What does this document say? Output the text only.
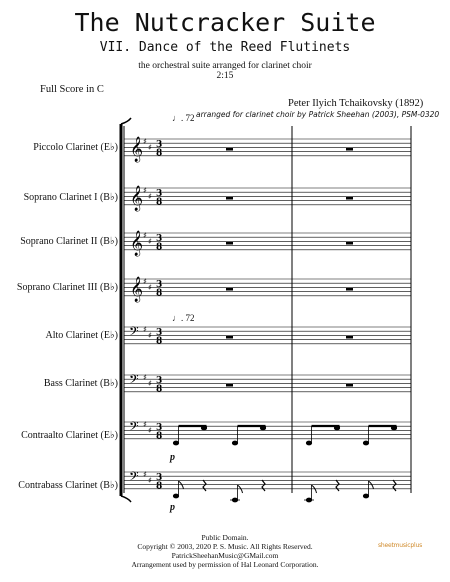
The Nutcracker Suite
VII. Dance of the Reed Flutinets
the orchestral suite arranged for clarinet choir
2:15
Full Score in C
Peter Ilyich Tchaikovsky (1892)
arranged for clarinet choir by Patrick Sheehan (2003), PSM-0320
♩. 72
♩. 72
Piccolo Clarinet (E♭)
Soprano Clarinet I (B♭)
Soprano Clarinet II (B♭)
Soprano Clarinet III (B♭)
Alto Clarinet (E♭)
Bass Clarinet (B♭)
Contraalto Clarinet (E♭)
Contrabass Clarinet (B♭)
𝄞 ♯
♯ 3
8
𝄞 ♯
♯ 3
8
𝄞 ♯
♯ 3
8
𝄞 ♯
♯ 3
8
𝄢 ♯
♯ 3
8
𝄢 ♯
♯ 3
8
𝄢 ♯
♯ 3
8
𝄢 ♯
♯ 3
8
p
p
Public Domain.
Copyright © 2003, 2020 P. S. Music. All Rights Reserved.
PatrickSheehanMusic@GMail.com
Arrangement used by permission of Hal Leonard Corporation.
sheetmusicplus
